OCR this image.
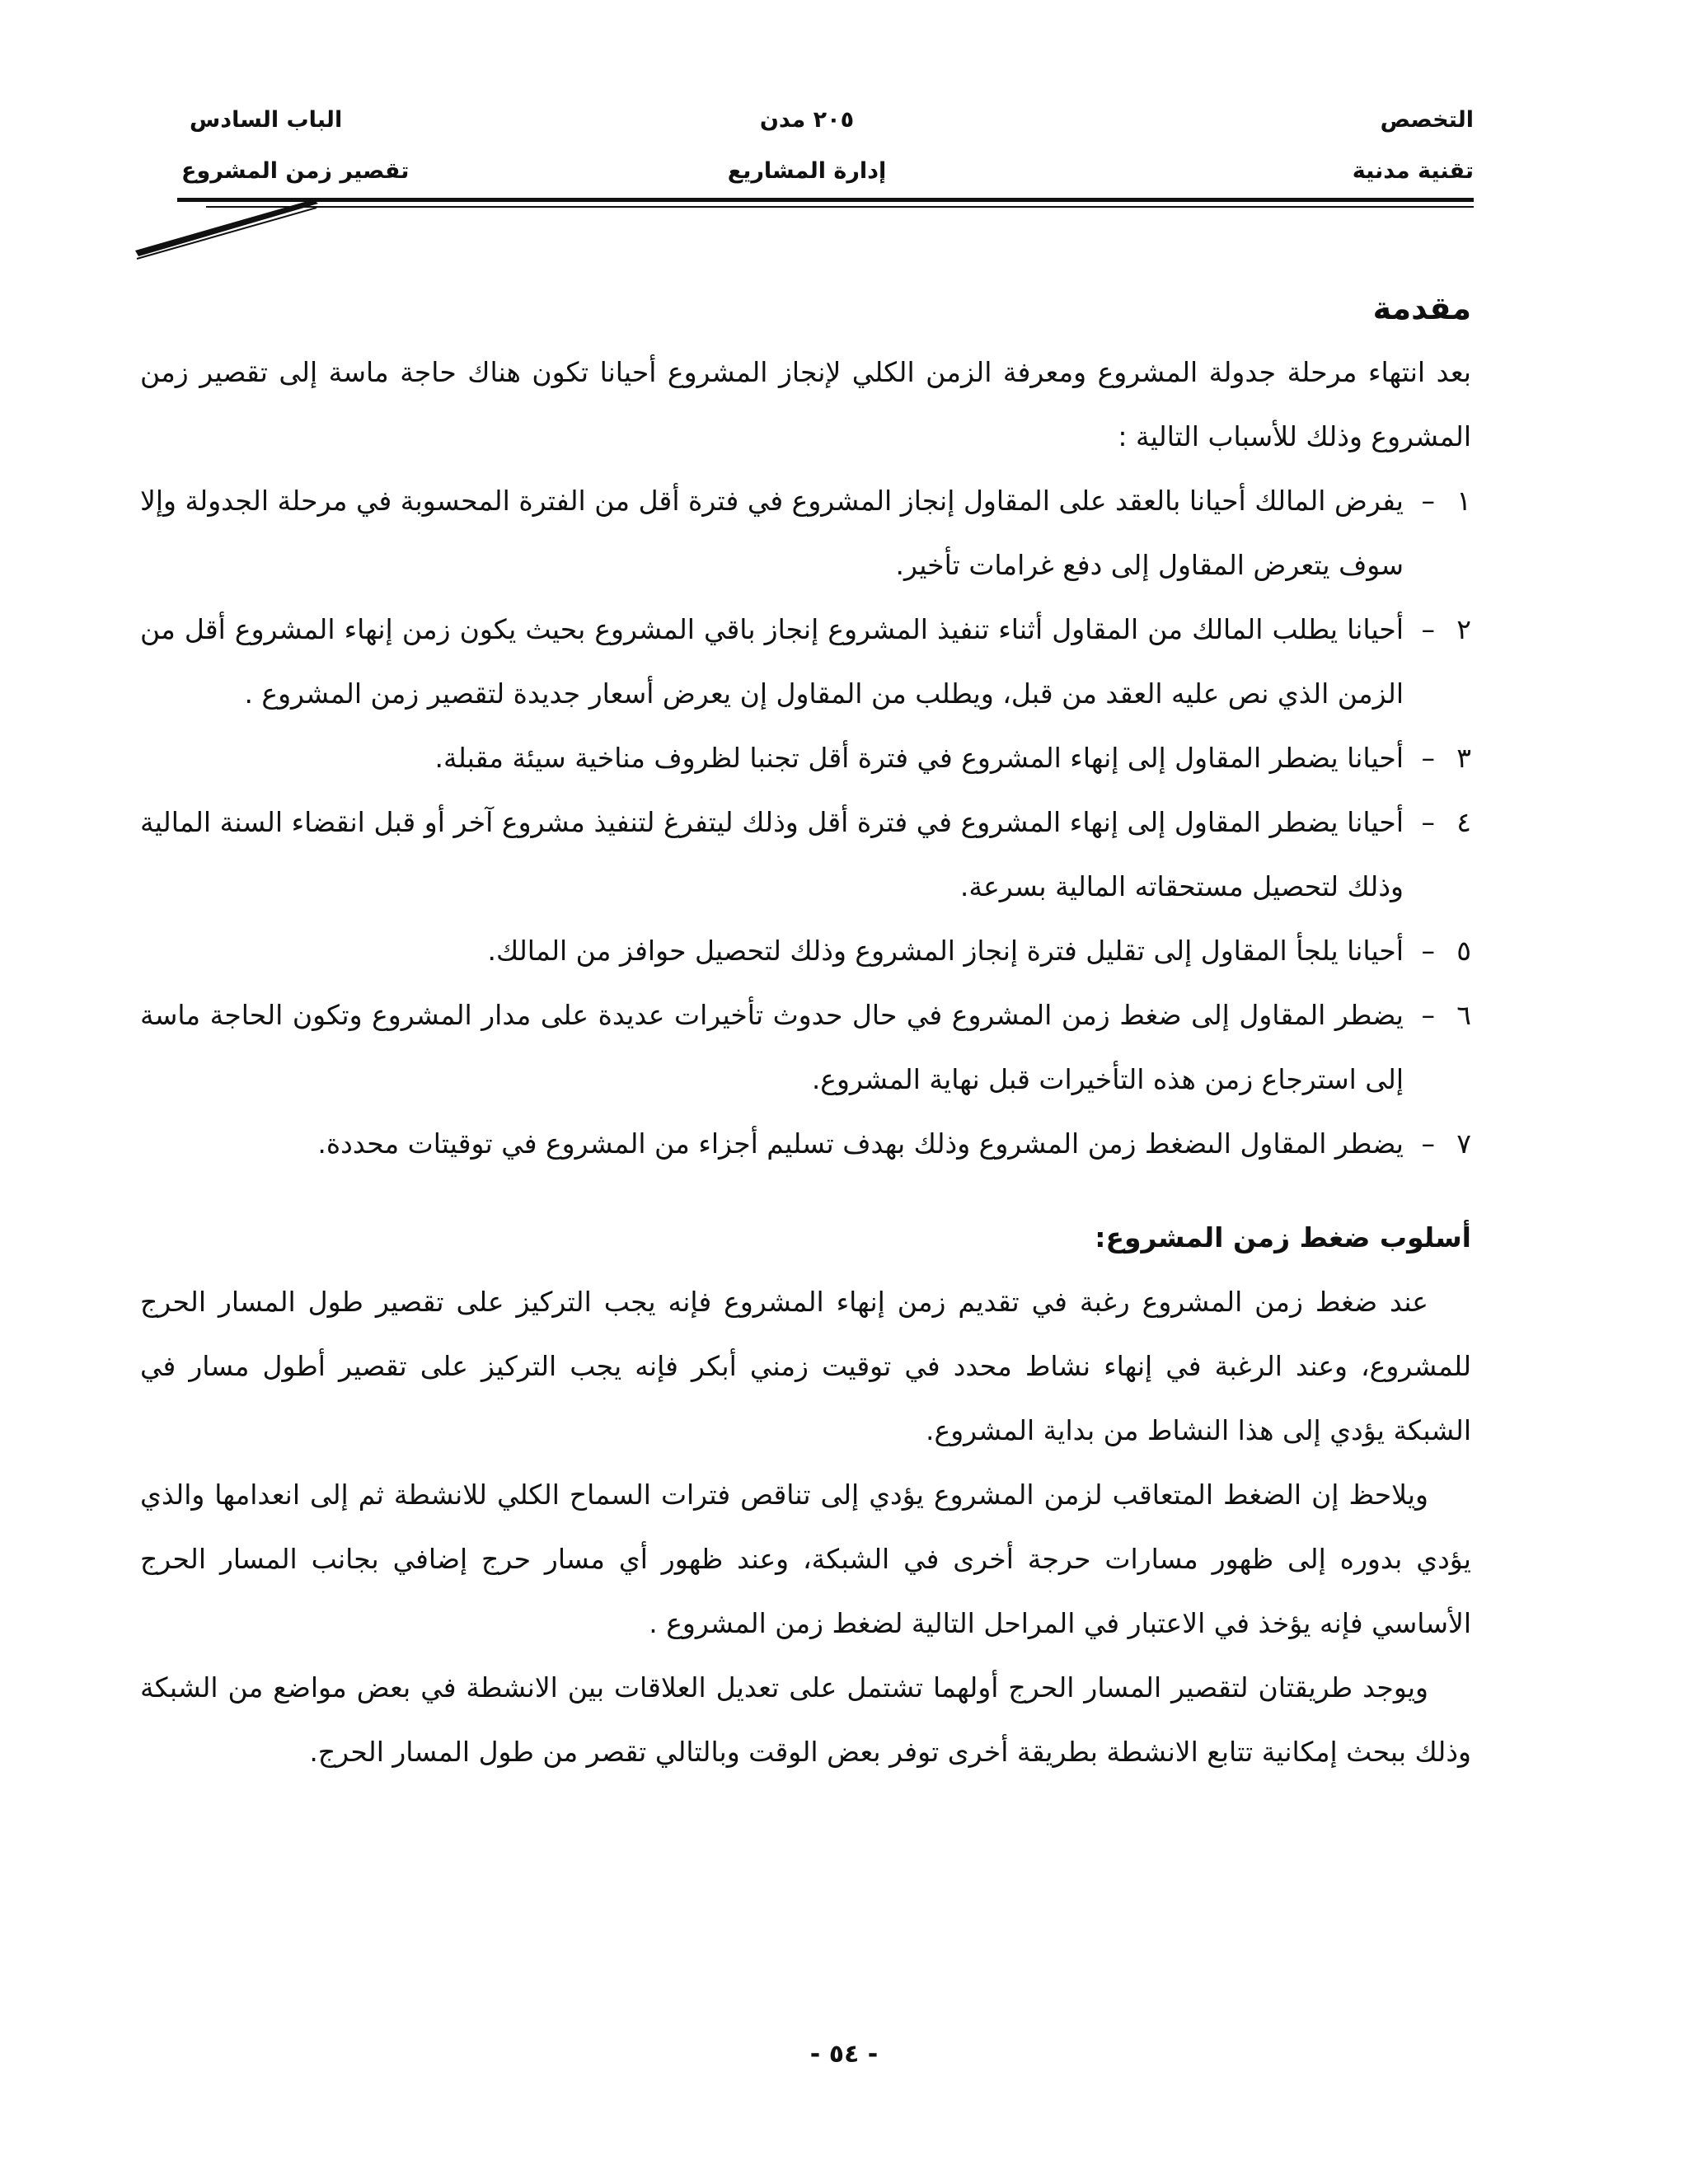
التخصص
تقنية مدنية
٢٠٥ مدن
إدارة المشاريع
الباب السادس
تقصير زمن المشروع

مقدمة

بعد انتهاء مرحلة جدولة المشروع ومعرفة الزمن الكلي لإنجاز المشروع أحيانا تكون هناك حاجة ماسة إلى تقصير زمن المشروع وذلك للأسباب التالية :

١–
يفرض المالك أحيانا بالعقد على المقاول إنجاز المشروع في فترة أقل من الفترة المحسوبة في مرحلة الجدولة وإلا سوف يتعرض المقاول إلى دفع غرامات تأخير.
٢–
أحيانا يطلب المالك من المقاول أثناء تنفيذ المشروع إنجاز باقي المشروع بحيث يكون زمن إنهاء المشروع أقل من الزمن الذي نص عليه العقد من قبل، ويطلب من المقاول إن يعرض أسعار جديدة لتقصير زمن المشروع .
٣–
أحيانا يضطر المقاول إلى إنهاء المشروع في فترة أقل تجنبا لظروف مناخية سيئة مقبلة.
٤–
أحيانا يضطر المقاول إلى إنهاء المشروع في فترة أقل وذلك ليتفرغ لتنفيذ مشروع آخر أو قبل انقضاء السنة المالية وذلك لتحصيل مستحقاته المالية بسرعة.
٥–
أحيانا يلجأ المقاول إلى تقليل فترة إنجاز المشروع وذلك لتحصيل حوافز من المالك.
٦–
يضطر المقاول إلى ضغط زمن المشروع في حال حدوث تأخيرات عديدة على مدار المشروع وتكون الحاجة ماسة إلى استرجاع زمن هذه التأخيرات قبل نهاية المشروع.
٧–
يضطر المقاول الىضغط زمن المشروع وذلك بهدف تسليم أجزاء من المشروع في توقيتات محددة.

أسلوب ضغط زمن المشروع:

عند ضغط زمن المشروع رغبة في تقديم زمن إنهاء المشروع فإنه يجب التركيز على تقصير طول المسار الحرج للمشروع، وعند الرغبة في إنهاء نشاط محدد في توقيت زمني أبكر فإنه يجب التركيز على تقصير أطول مسار في الشبكة يؤدي إلى هذا النشاط من بداية المشروع.

ويلاحظ إن الضغط المتعاقب لزمن المشروع يؤدي إلى تناقص فترات السماح الكلي للانشطة ثم إلى انعدامها والذي يؤدي بدوره إلى ظهور مسارات حرجة أخرى في الشبكة، وعند ظهور أي مسار حرج إضافي بجانب المسار الحرج الأساسي فإنه يؤخذ في الاعتبار في المراحل التالية لضغط زمن المشروع .

ويوجد طريقتان لتقصير المسار الحرج أولهما تشتمل على تعديل العلاقات بين الانشطة في بعض مواضع من الشبكة وذلك ببحث إمكانية تتابع الانشطة بطريقة أخرى توفر بعض الوقت وبالتالي تقصر من طول المسار الحرج.

- ٥٤ -
